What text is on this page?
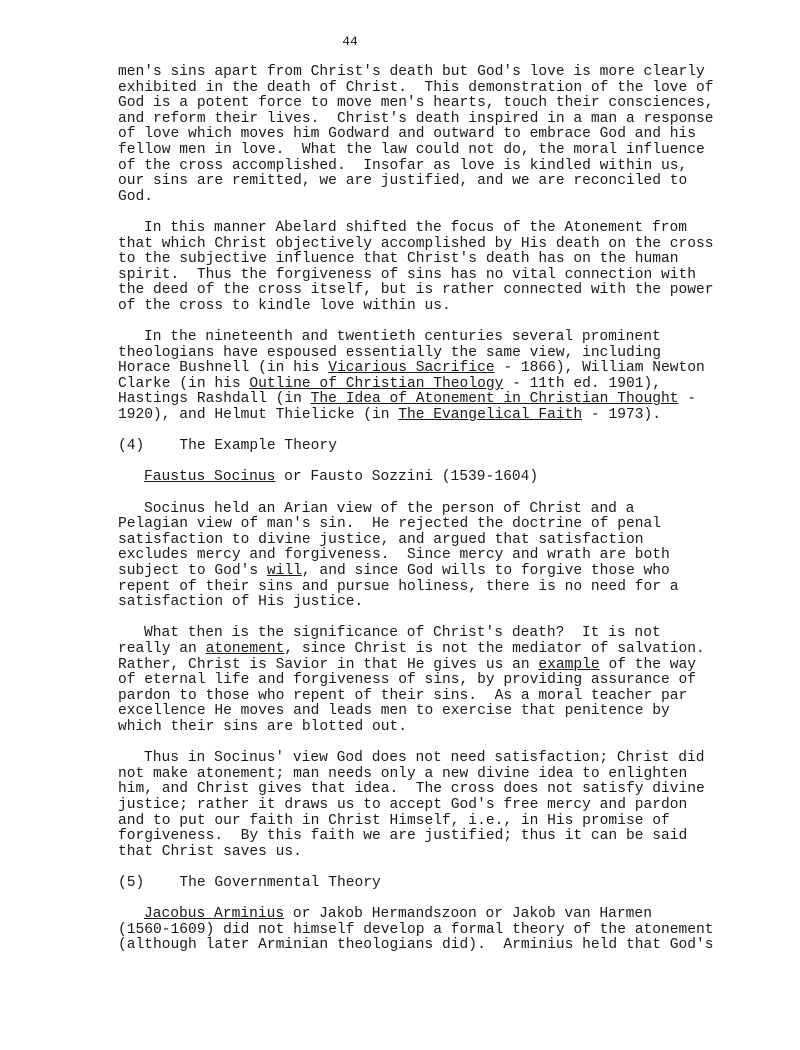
44
men's sins apart from Christ's death but God's love is more clearly
exhibited in the death of Christ.  This demonstration of the love of
God is a potent force to move men's hearts, touch their consciences,
and reform their lives.  Christ's death inspired in a man a response
of love which moves him Godward and outward to embrace God and his
fellow men in love.  What the law could not do, the moral influence
of the cross accomplished.  Insofar as love is kindled within us,
our sins are remitted, we are justified, and we are reconciled to
God.
In this manner Abelard shifted the focus of the Atonement from
that which Christ objectively accomplished by His death on the cross
to the subjective influence that Christ's death has on the human
spirit.  Thus the forgiveness of sins has no vital connection with
the deed of the cross itself, but is rather connected with the power
of the cross to kindle love within us.
In the nineteenth and twentieth centuries several prominent
theologians have espoused essentially the same view, including
Horace Bushnell (in his Vicarious Sacrifice - 1866), William Newton
Clarke (in his Outline of Christian Theology - 11th ed. 1901),
Hastings Rashdall (in The Idea of Atonement in Christian Thought -
1920), and Helmut Thielicke (in The Evangelical Faith - 1973).
(4) The Example Theory
Faustus Socinus or Fausto Sozzini (1539-1604)
Socinus held an Arian view of the person of Christ and a
Pelagian view of man's sin.  He rejected the doctrine of penal
satisfaction to divine justice, and argued that satisfaction
excludes mercy and forgiveness.  Since mercy and wrath are both
subject to God's will, and since God wills to forgive those who
repent of their sins and pursue holiness, there is no need for a
satisfaction of His justice.
What then is the significance of Christ's death?  It is not
really an atonement, since Christ is not the mediator of salvation.
Rather, Christ is Savior in that He gives us an example of the way
of eternal life and forgiveness of sins, by providing assurance of
pardon to those who repent of their sins.  As a moral teacher par
excellence He moves and leads men to exercise that penitence by
which their sins are blotted out.
Thus in Socinus' view God does not need satisfaction; Christ did
not make atonement; man needs only a new divine idea to enlighten
him, and Christ gives that idea.  The cross does not satisfy divine
justice; rather it draws us to accept God's free mercy and pardon
and to put our faith in Christ Himself, i.e., in His promise of
forgiveness.  By this faith we are justified; thus it can be said
that Christ saves us.
(5) The Governmental Theory
Jacobus Arminius or Jakob Hermandszoon or Jakob van Harmen
(1560-1609) did not himself develop a formal theory of the atonement
(although later Arminian theologians did).  Arminius held that God's
